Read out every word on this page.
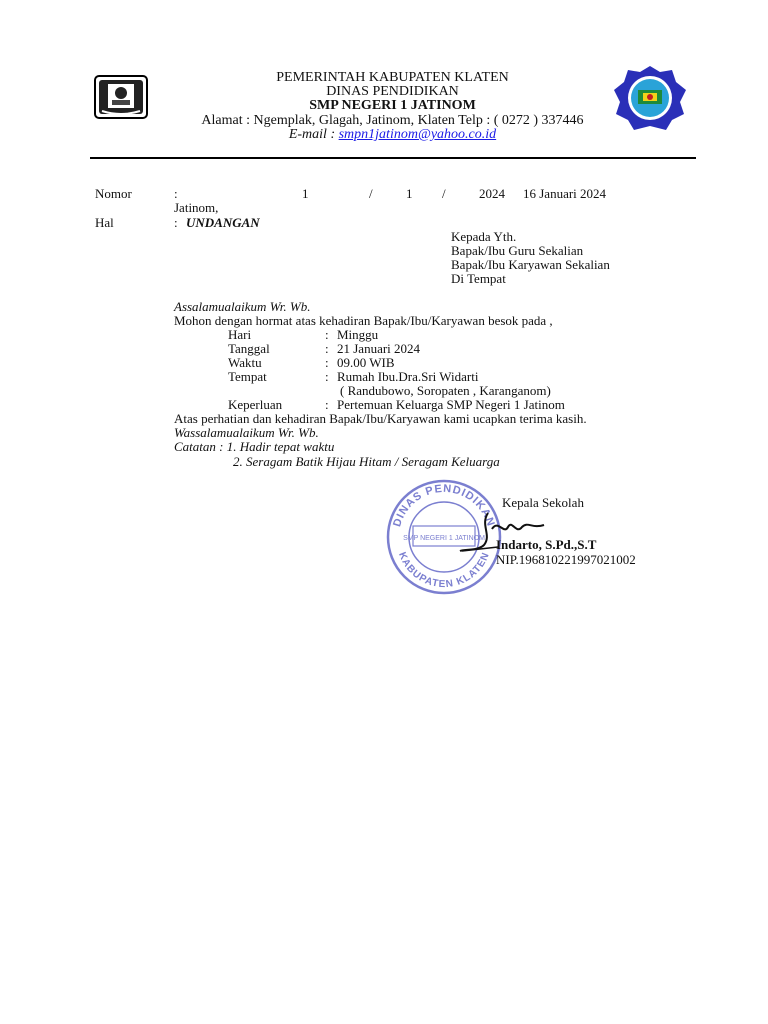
PEMERINTAH KABUPATEN KLATEN
DINAS PENDIDIKAN
SMP NEGERI 1 JATINOM
Alamat : Ngemplak, Glagah, Jatinom, Klaten Telp : ( 0272 ) 337446
E-mail : smpn1jatinom@yahoo.co.id
Nomor	:	1	/	1 /	2024 16 Januari 2024
Jatinom,
Hal	: UNDANGAN
Kepada Yth.
Bapak/Ibu Guru Sekalian
Bapak/Ibu Karyawan Sekalian
Di Tempat
Assalamualaikum Wr. Wb.
Mohon dengan hormat atas kehadiran Bapak/Ibu/Karyawan besok pada ,
Hari	: Minggu
Tanggal	: 21 Januari 2024
Waktu	: 09.00 WIB
Tempat	: Rumah Ibu.Dra.Sri Widarti
( Randubowo, Soropaten , Karanganom)
Keperluan	: Pertemuan Keluarga SMP Negeri 1 Jatinom
Atas perhatian dan kehadiran Bapak/Ibu/Karyawan kami ucapkan terima kasih.
Wassalamualaikum Wr. Wb.
Catatan : 1. Hadir tepat waktu
2. Seragam Batik Hijau Hitam / Seragam Keluarga
DINAS PENDIDIKAN
KABUPATEN KLATEN
SMP NEGERI 1 JATINOM
Kepala Sekolah
Indarto, S.Pd.,S.T
NIP.196810221997021002
